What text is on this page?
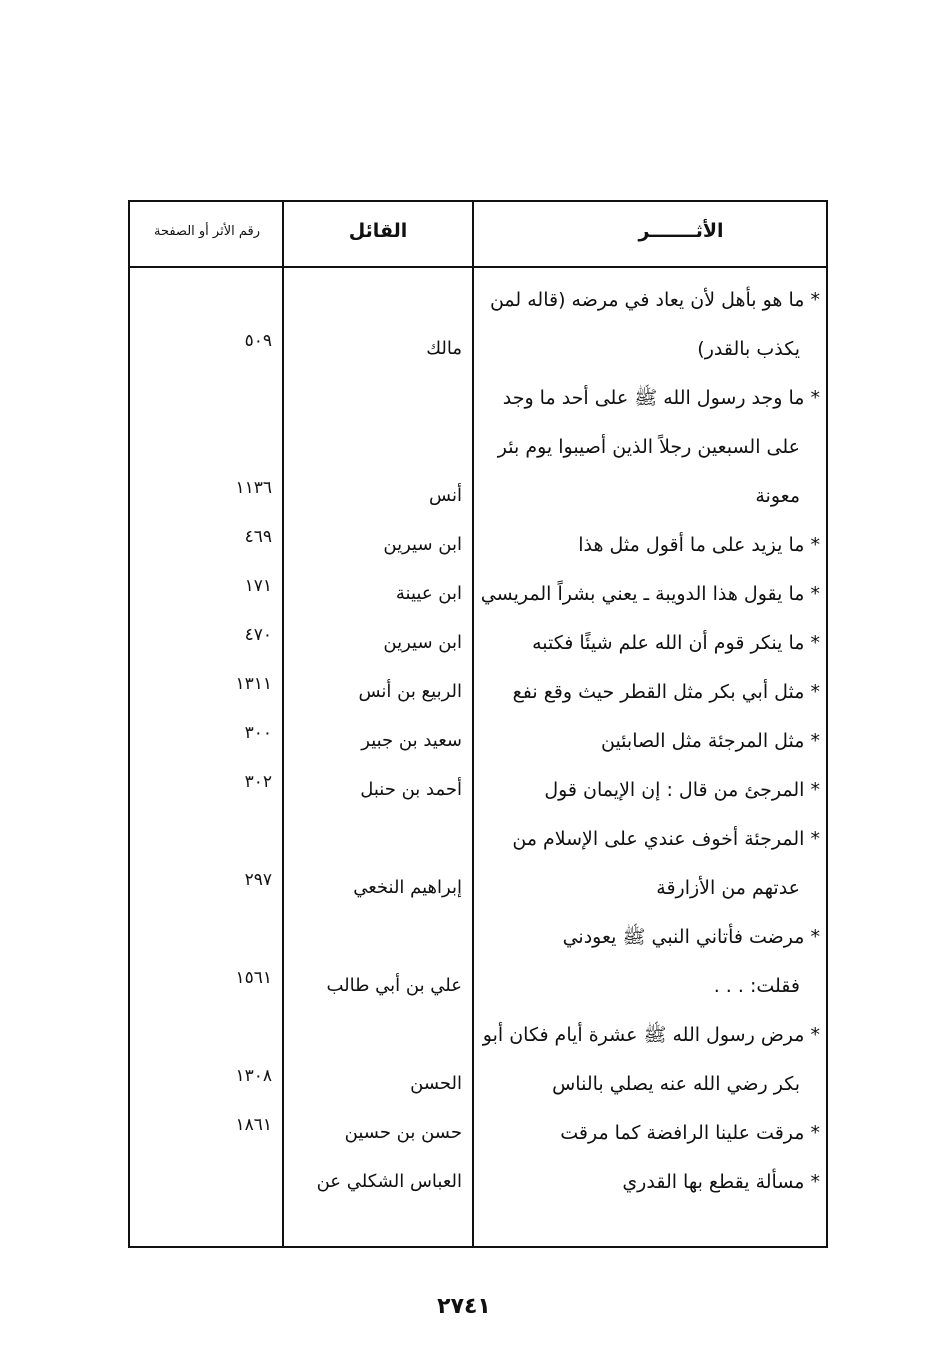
الأثـــــــر
القائل
رقم الأثر أو الصفحة
* ما هو بأهل لأن يعاد في مرضه (قاله لمن
يكذب بالقدر)
مالك
٥٠٩
* ما وجد رسول الله ﷺ على أحد ما وجد
على السبعين رجلاً الذين أصيبوا يوم بئر
معونة
أنس
١١٣٦
* ما يزيد على ما أقول مثل هذا
ابن سيرين
٤٦٩
* ما يقول هذا الدويبة ـ يعني بشراً المريسي
ابن عيينة
١٧١
* ما ينكر قوم أن الله علم شيئًا فكتبه
ابن سيرين
٤٧٠
* مثل أبي بكر مثل القطر حيث وقع نفع
الربيع بن أنس
١٣١١
* مثل المرجئة مثل الصابئين
سعيد بن جبير
٣٠٠
* المرجئ من قال : إن الإيمان قول
أحمد بن حنبل
٣٠٢
* المرجئة أخوف عندي على الإسلام من
عدتهم من الأزارقة
إبراهيم النخعي
٢٩٧
* مرضت فأتاني النبي ﷺ يعودني
فقلت: . . .
علي بن أبي طالب
١٥٦١
* مرض رسول الله ﷺ عشرة أيام فكان أبو
بكر رضي الله عنه يصلي بالناس
الحسن
١٣٠٨
* مرقت علينا الرافضة كما مرقت
حسن بن حسين
١٨٦١
* مسألة يقطع بها القدري
العباس الشكلي عن
٢٧٤١
